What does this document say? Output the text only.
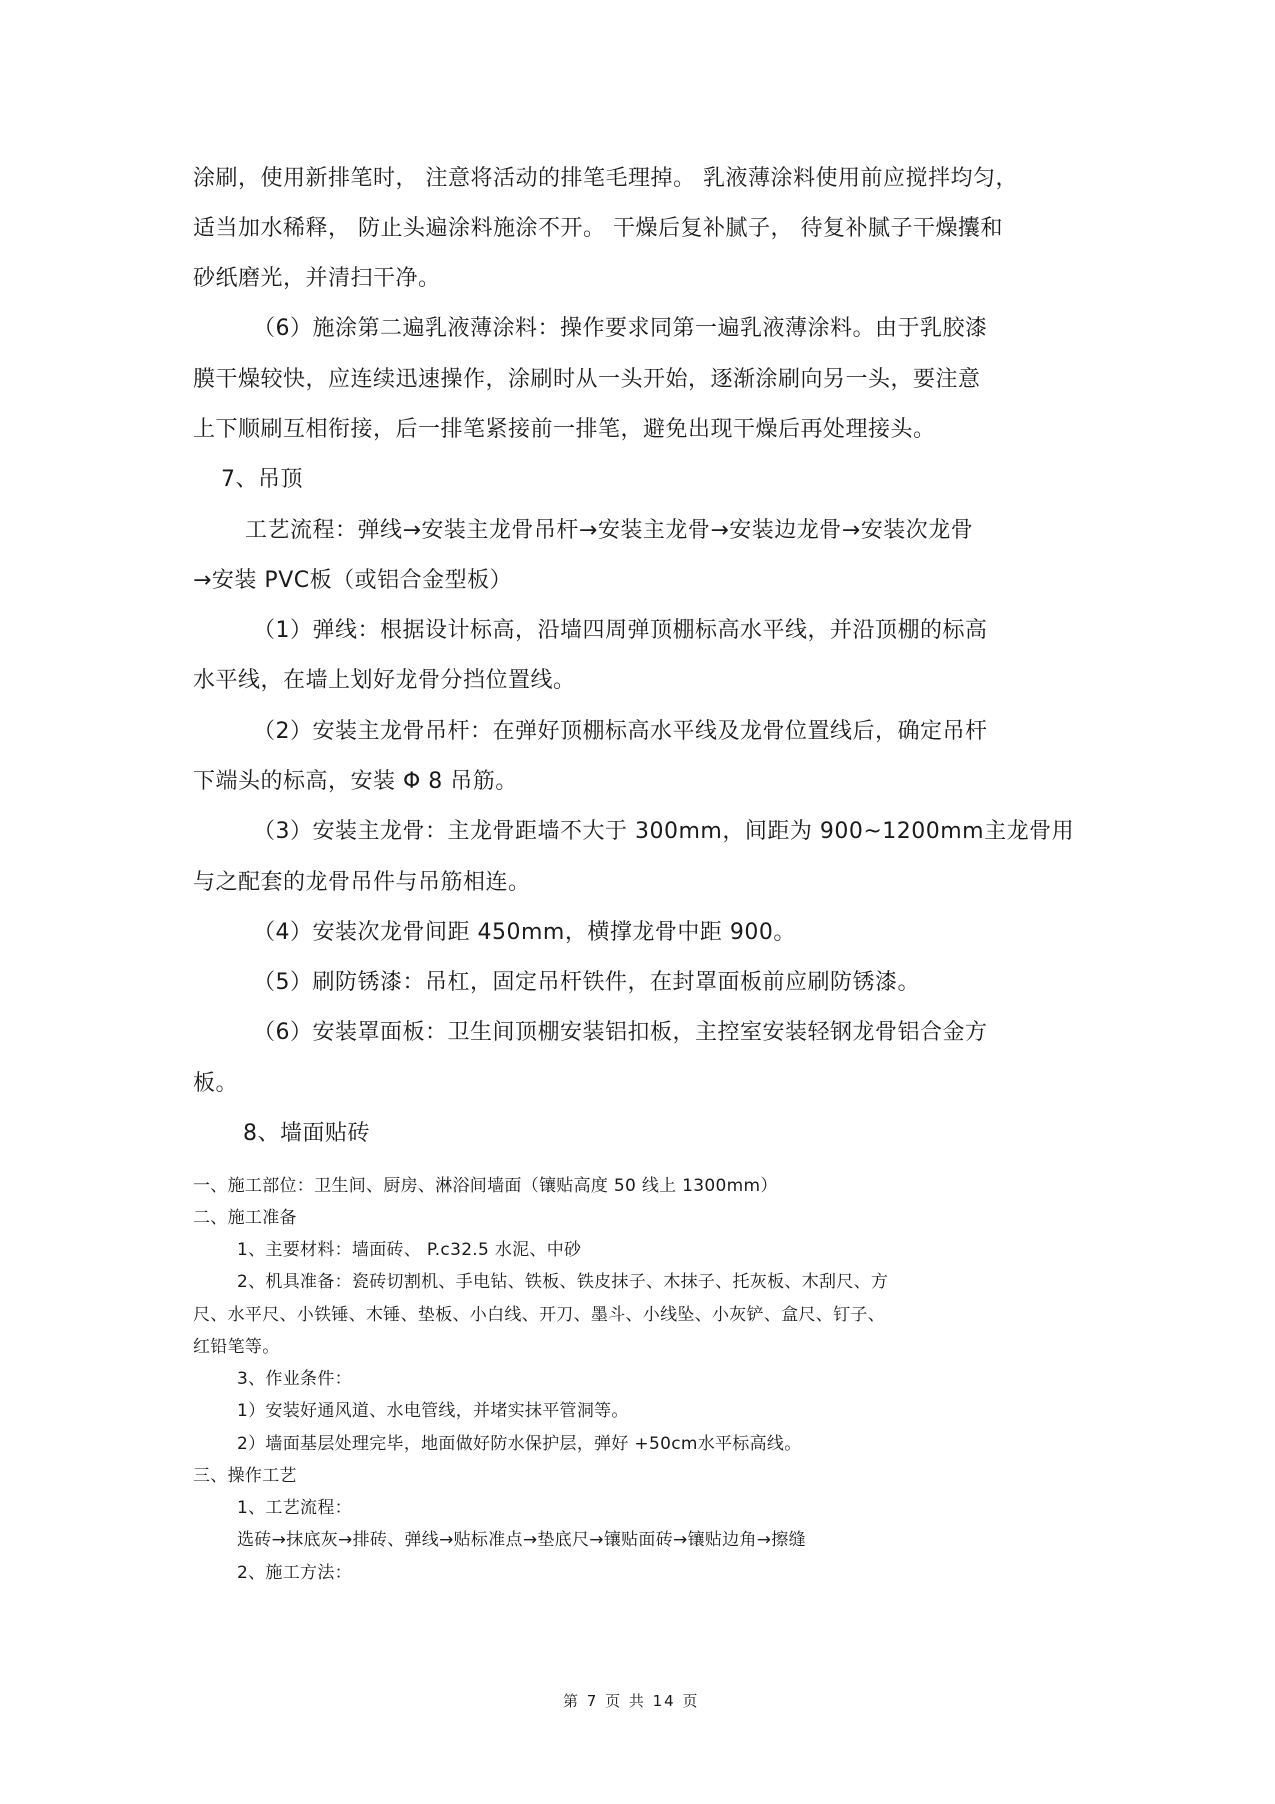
涂刷，使用新排笔时， 注意将活动的排笔毛理掉。 乳液薄涂料使用前应搅拌均匀，
适当加水稀释， 防止头遍涂料施涂不开。 干燥后复补腻子， 待复补腻子干燥攮和
砂纸磨光，并清扫干净。
（6）施涂第二遍乳液薄涂料：操作要求同第一遍乳液薄涂料。由于乳胶漆
膜干燥较快，应连续迅速操作，涂刷时从一头开始，逐渐涂刷向另一头，要注意
上下顺刷互相衔接，后一排笔紧接前一排笔，避免出现干燥后再处理接头。
7、吊顶
工艺流程：弹线→安装主龙骨吊杆→安装主龙骨→安装边龙骨→安装次龙骨
→安装 PVC板（或铝合金型板）
（1）弹线：根据设计标高，沿墙四周弹顶棚标高水平线，并沿顶棚的标高
水平线，在墙上划好龙骨分挡位置线。
（2）安装主龙骨吊杆：在弹好顶棚标高水平线及龙骨位置线后，确定吊杆
下端头的标高，安装 Φ 8 吊筋。
（3）安装主龙骨：主龙骨距墙不大于 300mm，间距为 900~1200mm主龙骨用
与之配套的龙骨吊件与吊筋相连。
（4）安装次龙骨间距 450mm，横撑龙骨中距 900。
（5）刷防锈漆：吊杠，固定吊杆铁件，在封罩面板前应刷防锈漆。
（6）安装罩面板：卫生间顶棚安装铝扣板，主控室安装轻钢龙骨铝合金方
板。
8、墙面贴砖
一、施工部位：卫生间、厨房、淋浴间墙面（镶贴高度 50 线上 1300mm）
二、施工准备
1、主要材料：墙面砖、 P.c32.5 水泥、中砂
2、机具准备：瓷砖切割机、手电钻、铁板、铁皮抹子、木抹子、托灰板、木刮尺、方
尺、水平尺、小铁锤、木锤、垫板、小白线、开刀、墨斗、小线坠、小灰铲、盒尺、钉子、
红铅笔等。
3、作业条件：
1）安装好通风道、水电管线，并堵实抹平管洞等。
2）墙面基层处理完毕，地面做好防水保护层，弹好 +50cm水平标高线。
三、操作工艺
1、工艺流程：
选砖→抹底灰→排砖、弹线→贴标准点→垫底尺→镶贴面砖→镶贴边角→擦缝
2、施工方法：
第 7 页 共 14 页
